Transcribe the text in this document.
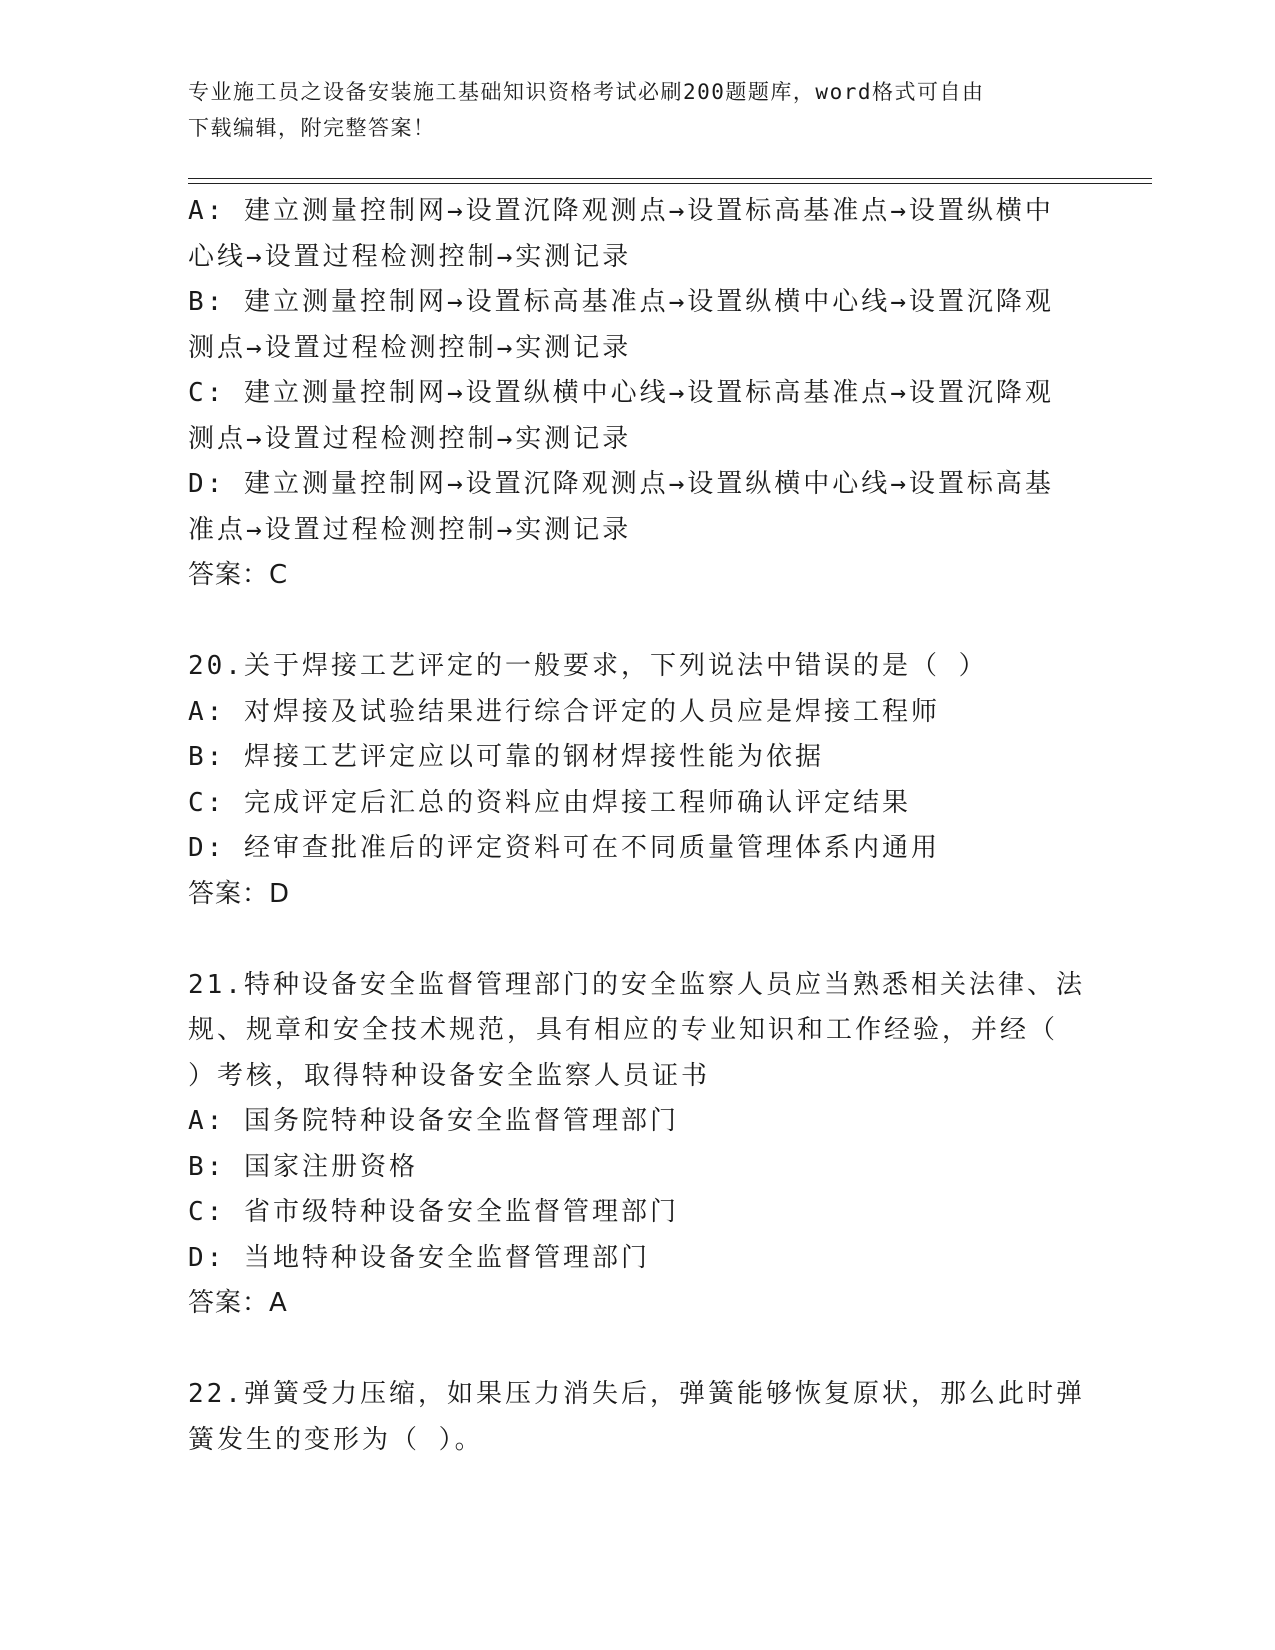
专业施工员之设备安装施工基础知识资格考试必刷200题题库，word格式可自由
下载编辑，附完整答案！
A: 建立测量控制网→设置沉降观测点→设置标高基准点→设置纵横中
心线→设置过程检测控制→实测记录
B: 建立测量控制网→设置标高基准点→设置纵横中心线→设置沉降观
测点→设置过程检测控制→实测记录
C: 建立测量控制网→设置纵横中心线→设置标高基准点→设置沉降观
测点→设置过程检测控制→实测记录
D: 建立测量控制网→设置沉降观测点→设置纵横中心线→设置标高基
准点→设置过程检测控制→实测记录
答案：C
20.关于焊接工艺评定的一般要求，下列说法中错误的是（ ）
A: 对焊接及试验结果进行综合评定的人员应是焊接工程师
B: 焊接工艺评定应以可靠的钢材焊接性能为依据
C: 完成评定后汇总的资料应由焊接工程师确认评定结果
D: 经审查批准后的评定资料可在不同质量管理体系内通用
答案：D
21.特种设备安全监督管理部门的安全监察人员应当熟悉相关法律、法
规、规章和安全技术规范，具有相应的专业知识和工作经验，并经（
）考核，取得特种设备安全监察人员证书
A: 国务院特种设备安全监督管理部门
B: 国家注册资格
C: 省市级特种设备安全监督管理部门
D: 当地特种设备安全监督管理部门
答案：A
22.弹簧受力压缩，如果压力消失后，弹簧能够恢复原状，那么此时弹
簧发生的变形为（ ）。
